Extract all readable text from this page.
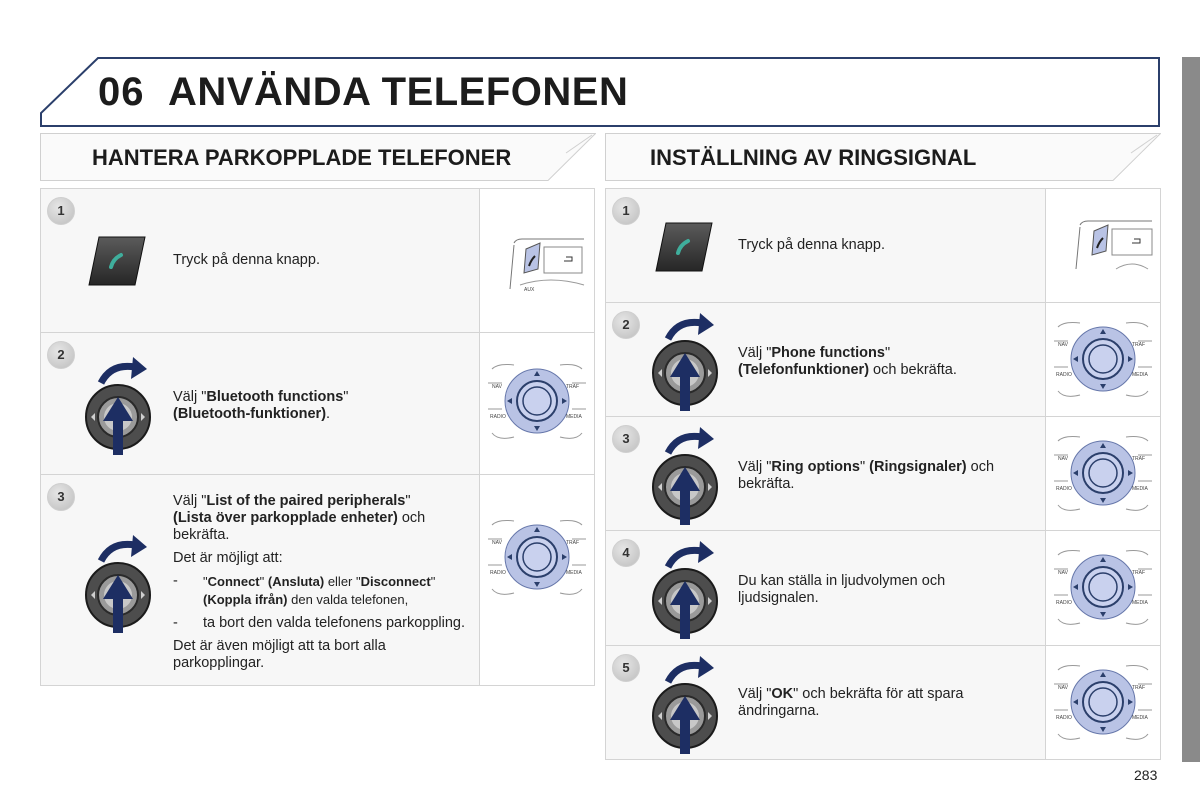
06 ANVÄNDA TELEFONEN
HANTERA PARKOPPLADE TELEFONER	INSTÄLLNING AV RINGSIGNAL
1
Tryck på denna knapp.
AUX
2
Välj "Bluetooth functions"
(Bluetooth-funktioner).
NAV	TRAF
RADIO	MEDIA
3	Välj "List of the paired peripherals"
(Lista över parkopplade enheter) och bekräfta.
Det är möjligt att:
- "Connect" (Ansluta) eller "Disconnect" (Koppla ifrån) den valda telefonen,
- ta bort den valda telefonens parkoppling.
Det är även möjligt att ta bort alla parkopplingar.
NAV	TRAF
RADIO	MEDIA
1
Tryck på denna knapp.
2
Välj "Phone functions"
(Telefonfunktioner) och bekräfta.
NAV	TRAF
RADIO	MEDIA
3
Välj "Ring options" (Ringsignaler) och bekräfta.
NAV	TRAF
RADIO	MEDIA
4
Du kan ställa in ljudvolymen och ljudsignalen.
NAV	TRAF
RADIO	MEDIA
5
Välj "OK" och bekräfta för att spara ändringarna.
NAV	TRAF
RADIO	MEDIA
283
